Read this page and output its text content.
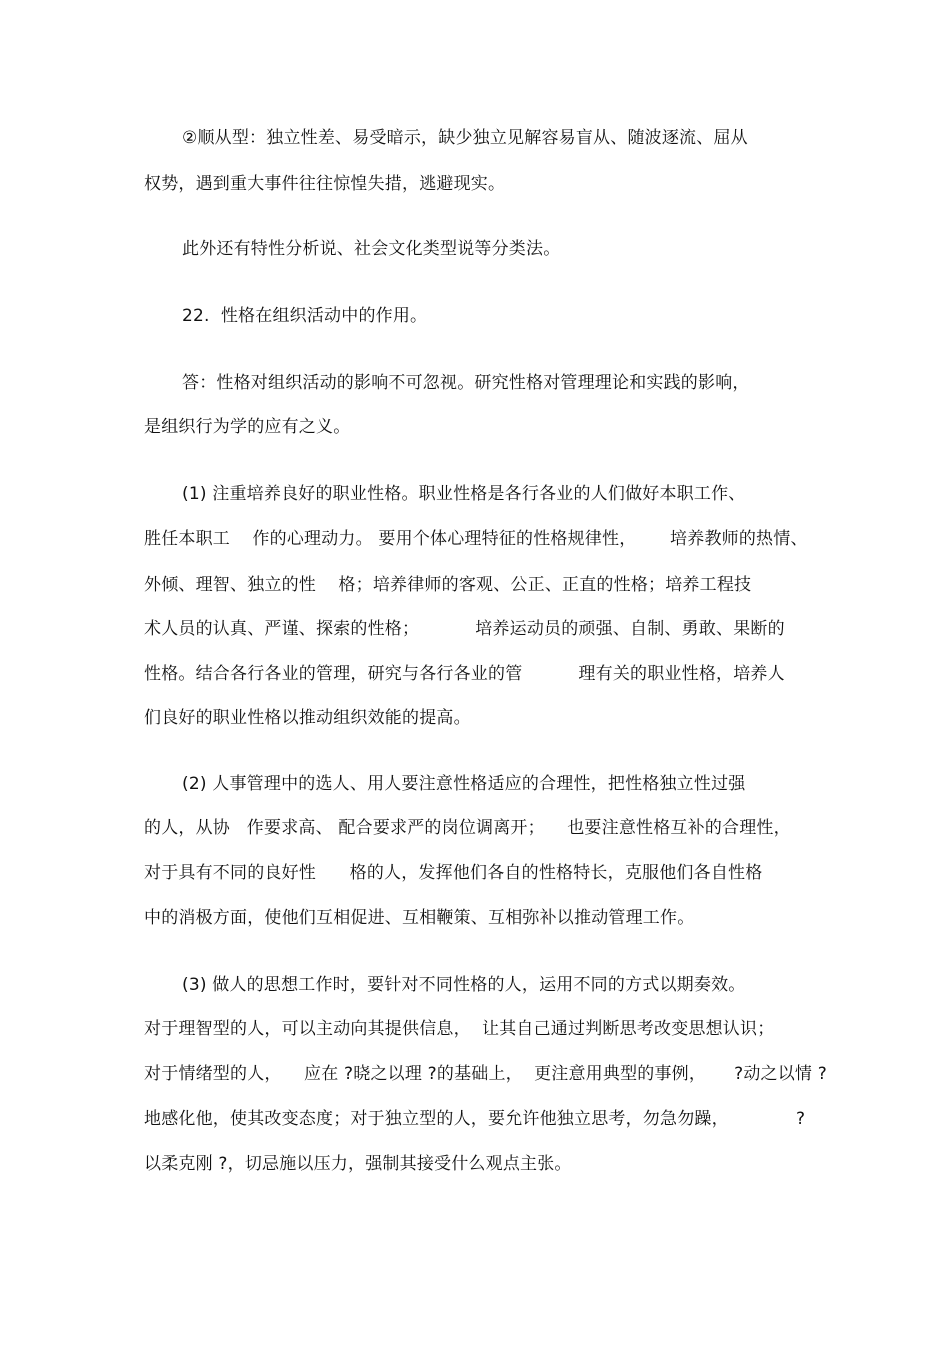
②顺从型：独立性差、易受暗示，缺少独立见解容易盲从、随波逐流、屈从
权势，遇到重大事件往往惊惶失措，逃避现实。
此外还有特性分析说、社会文化类型说等分类法。
22.  性格在组织活动中的作用。
答：性格对组织活动的影响不可忽视。研究性格对管理理论和实践的影响，
是组织行为学的应有之义。
(1) 注重培养良好的职业性格。职业性格是各行各业的人们做好本职工作、
胜任本职工    作的心理动力。 要用个体心理特征的性格规律性，      培养教师的热情、
外倾、理智、独立的性    格；培养律师的客观、公正、正直的性格；培养工程技
术人员的认真、严谨、探索的性格；          培养运动员的顽强、自制、勇敢、果断的
性格。结合各行各业的管理，研究与各行各业的管          理有关的职业性格，培养人
们良好的职业性格以推动组织效能的提高。
(2) 人事管理中的选人、用人要注意性格适应的合理性，把性格独立性过强
的人，从协   作要求高、 配合要求严的岗位调离开；    也要注意性格互补的合理性，
对于具有不同的良好性      格的人，发挥他们各自的性格特长，克服他们各自性格
中的消极方面，使他们互相促进、互相鞭策、互相弥补以推动管理工作。
(3) 做人的思想工作时，要针对不同性格的人，运用不同的方式以期奏效。
对于理智型的人，可以主动向其提供信息，  让其自己通过判断思考改变思想认识；
对于情绪型的人，    应在 ?晓之以理 ?的基础上，  更注意用典型的事例，     ?动之以情 ?
地感化他，使其改变态度；对于独立型的人，要允许他独立思考，勿急勿躁，            ?
以柔克刚 ?，切忌施以压力，强制其接受什么观点主张。
